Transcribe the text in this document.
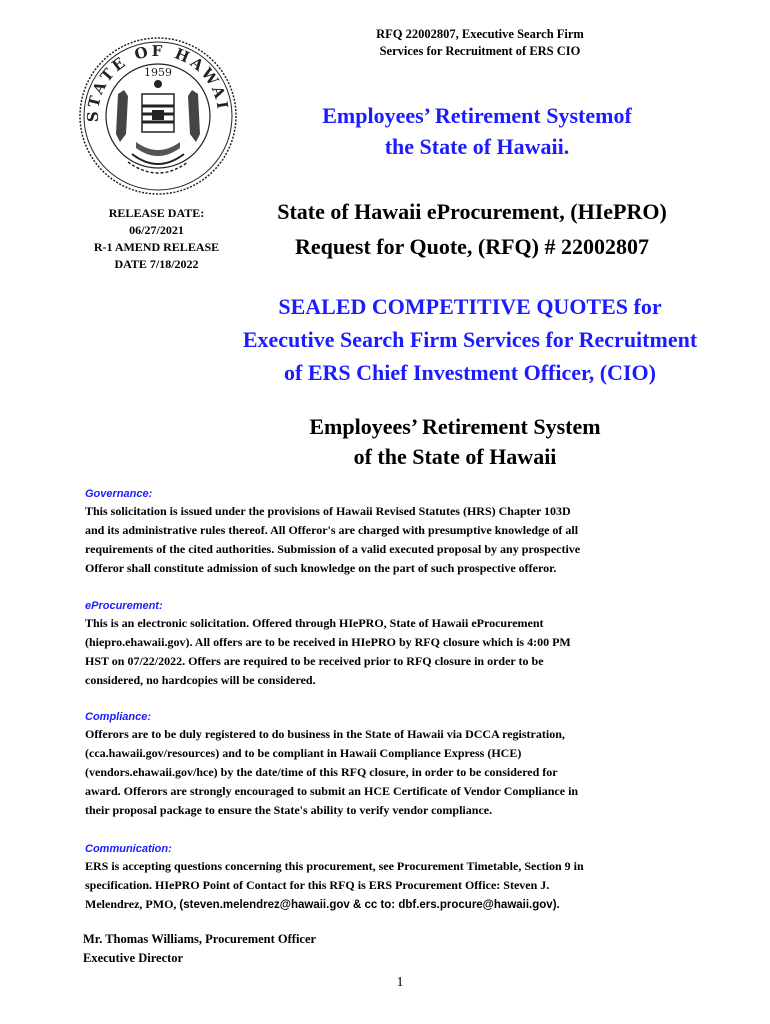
RFQ 22002807, Executive Search Firm
Services for Recruitment of ERS CIO
STATE OF HAWAI
1959
RELEASE DATE:
06/27/2021
R-1 AMEND RELEASE
DATE 7/18/2022
Employees’ Retirement Systemof
the State of Hawaii.
State of Hawaii eProcurement, (HIePRO)
Request for Quote, (RFQ) # 22002807
SEALED COMPETITIVE QUOTES for
Executive Search Firm Services for Recruitment
of ERS Chief Investment Officer, (CIO)
Employees’ Retirement System
of the State of Hawaii
Governance:
This solicitation is issued under the provisions of Hawaii Revised Statutes (HRS) Chapter 103D
and its administrative rules thereof. All Offeror's are charged with presumptive knowledge of all
requirements of the cited authorities. Submission of a valid executed proposal by any prospective
Offeror shall constitute admission of such knowledge on the part of such prospective offeror.
eProcurement:
This is an electronic solicitation. Offered through HIePRO, State of Hawaii eProcurement
(hiepro.ehawaii.gov). All offers are to be received in HIePRO by RFQ closure which is 4:00 PM
HST on 07/22/2022. Offers are required to be received prior to RFQ closure in order to be
considered, no hardcopies will be considered.
Compliance:
Offerors are to be duly registered to do business in the State of Hawaii via DCCA registration,
(cca.hawaii.gov/resources) and to be compliant in Hawaii Compliance Express (HCE)
(vendors.ehawaii.gov/hce) by the date/time of this RFQ closure, in order to be considered for
award. Offerors are strongly encouraged to submit an HCE Certificate of Vendor Compliance in
their proposal package to ensure the State's ability to verify vendor compliance.
Communication:
ERS is accepting questions concerning this procurement, see Procurement Timetable, Section 9 in
specification. HIePRO Point of Contact for this RFQ is ERS Procurement Office: Steven J.
Melendrez, PMO, (steven.melendrez@hawaii.gov & cc to: dbf.ers.procure@hawaii.gov).
Mr. Thomas Williams, Procurement Officer
Executive Director
1
